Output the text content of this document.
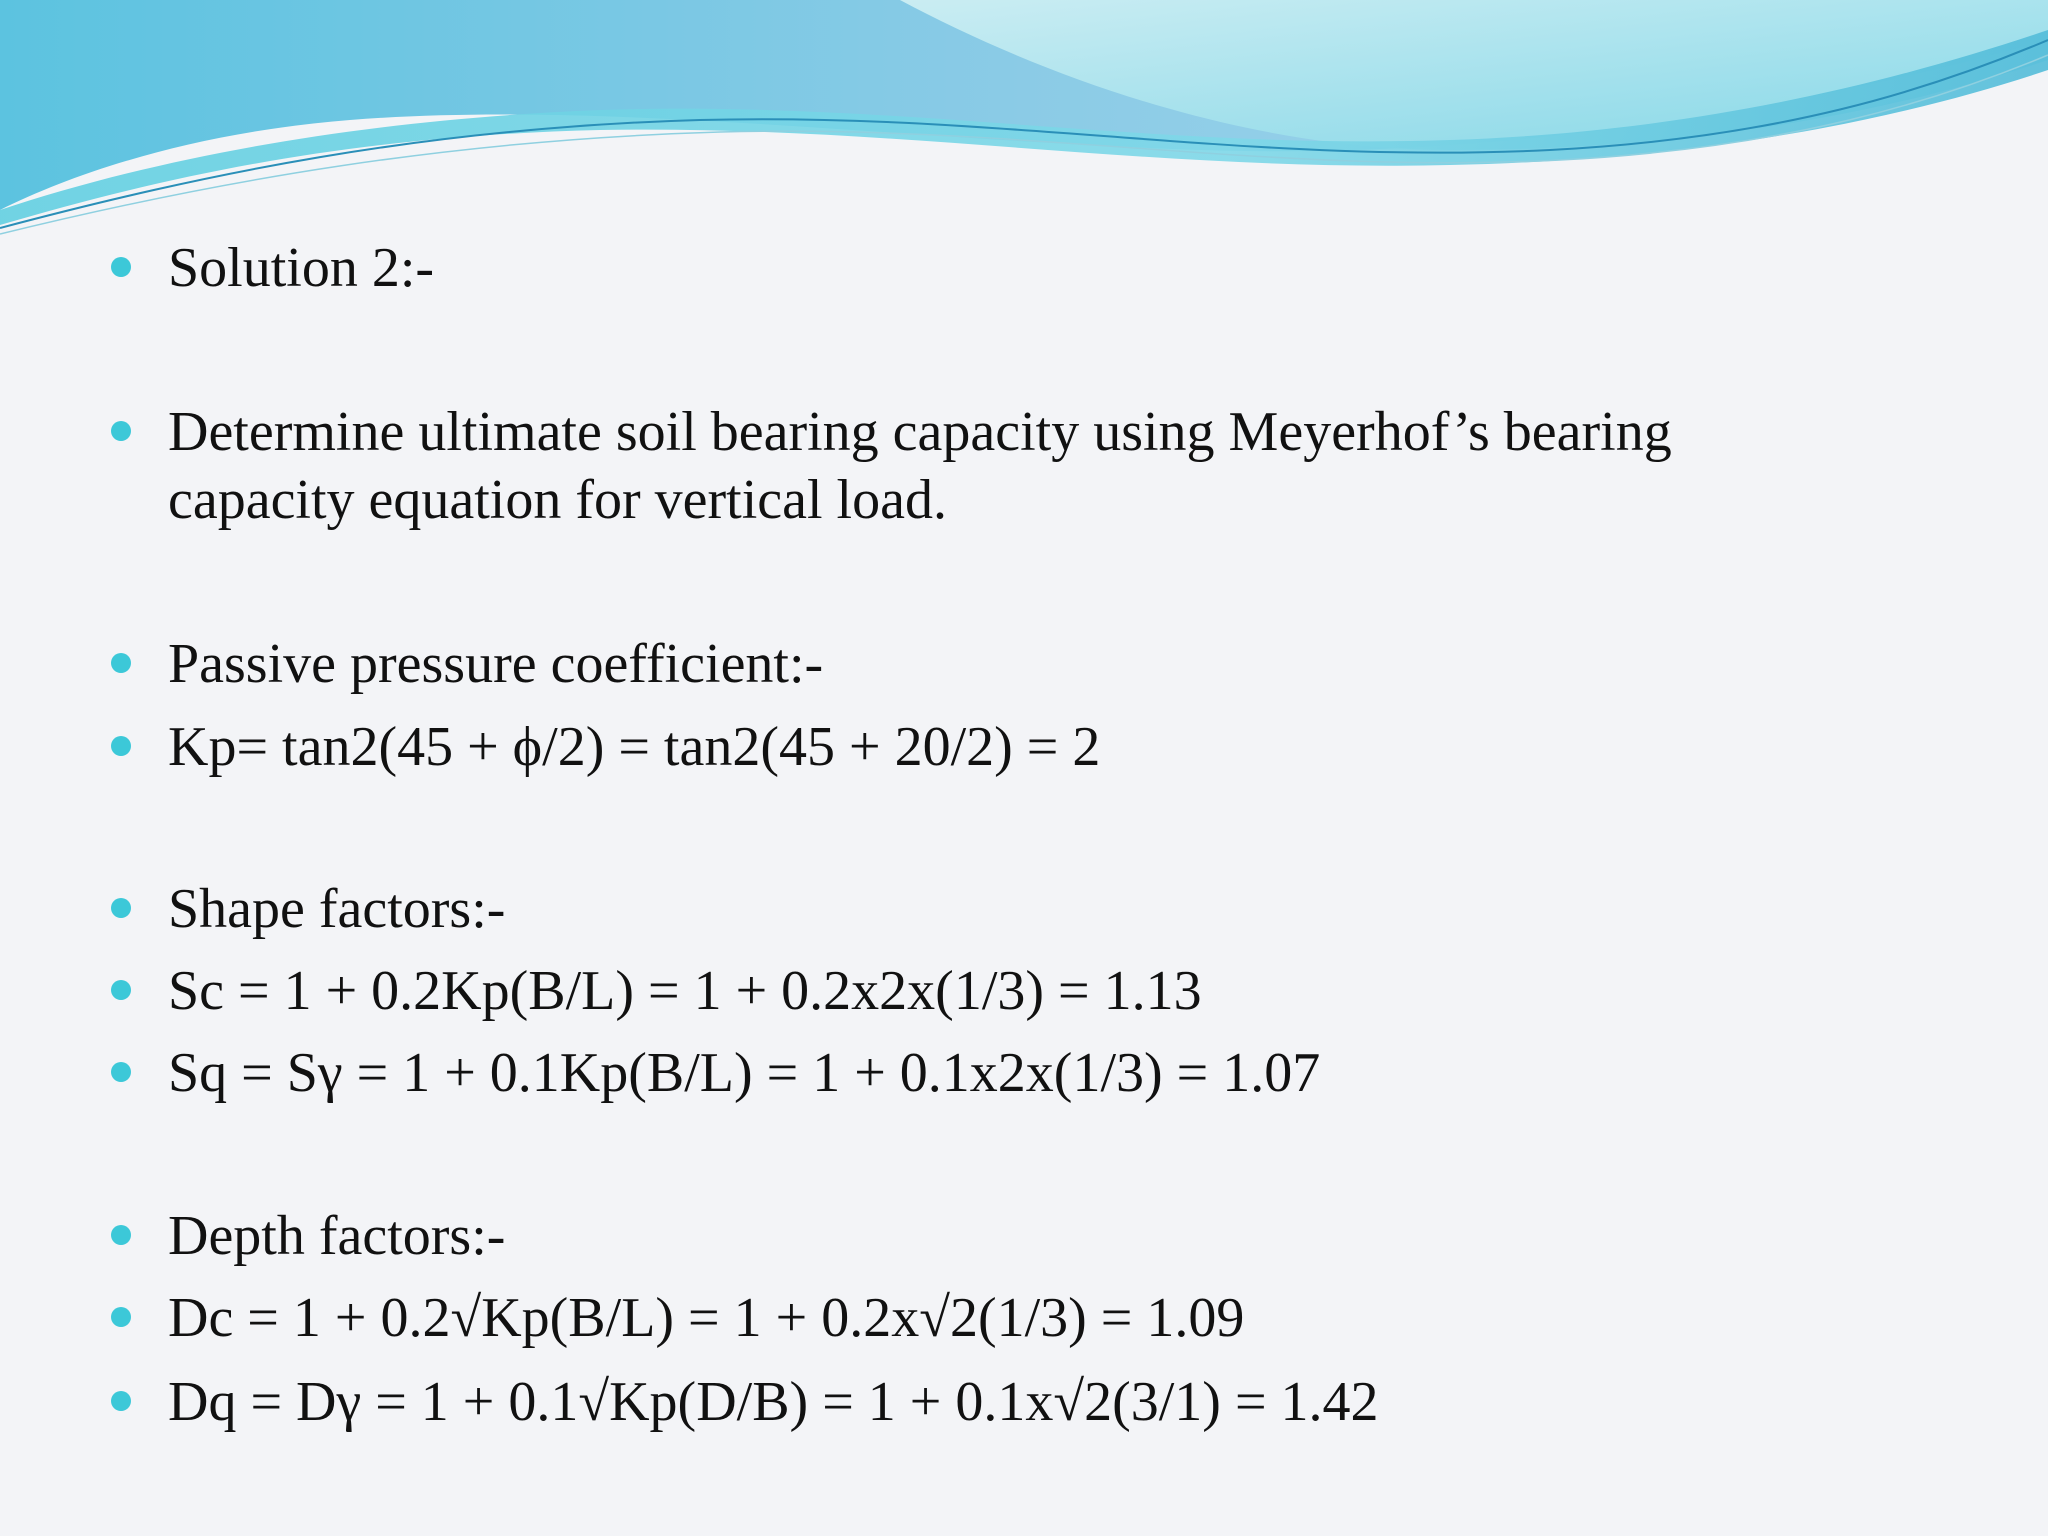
Solution 2:-
Determine ultimate soil bearing capacity using Meyerhof’s bearing
capacity equation for vertical load.
Passive pressure coefficient:-
Kp= tan2(45 + ϕ/2) = tan2(45 + 20/2) = 2
Shape factors:-
Sc = 1 + 0.2Kp(B/L) = 1 + 0.2x2x(1/3) = 1.13
Sq = Sγ = 1 + 0.1Kp(B/L) = 1 + 0.1x2x(1/3) = 1.07
Depth factors:-
Dc = 1 + 0.2√Kp(B/L) = 1 + 0.2x√2(1/3) = 1.09
Dq = Dγ = 1 + 0.1√Kp(D/B) = 1 + 0.1x√2(3/1) = 1.42
